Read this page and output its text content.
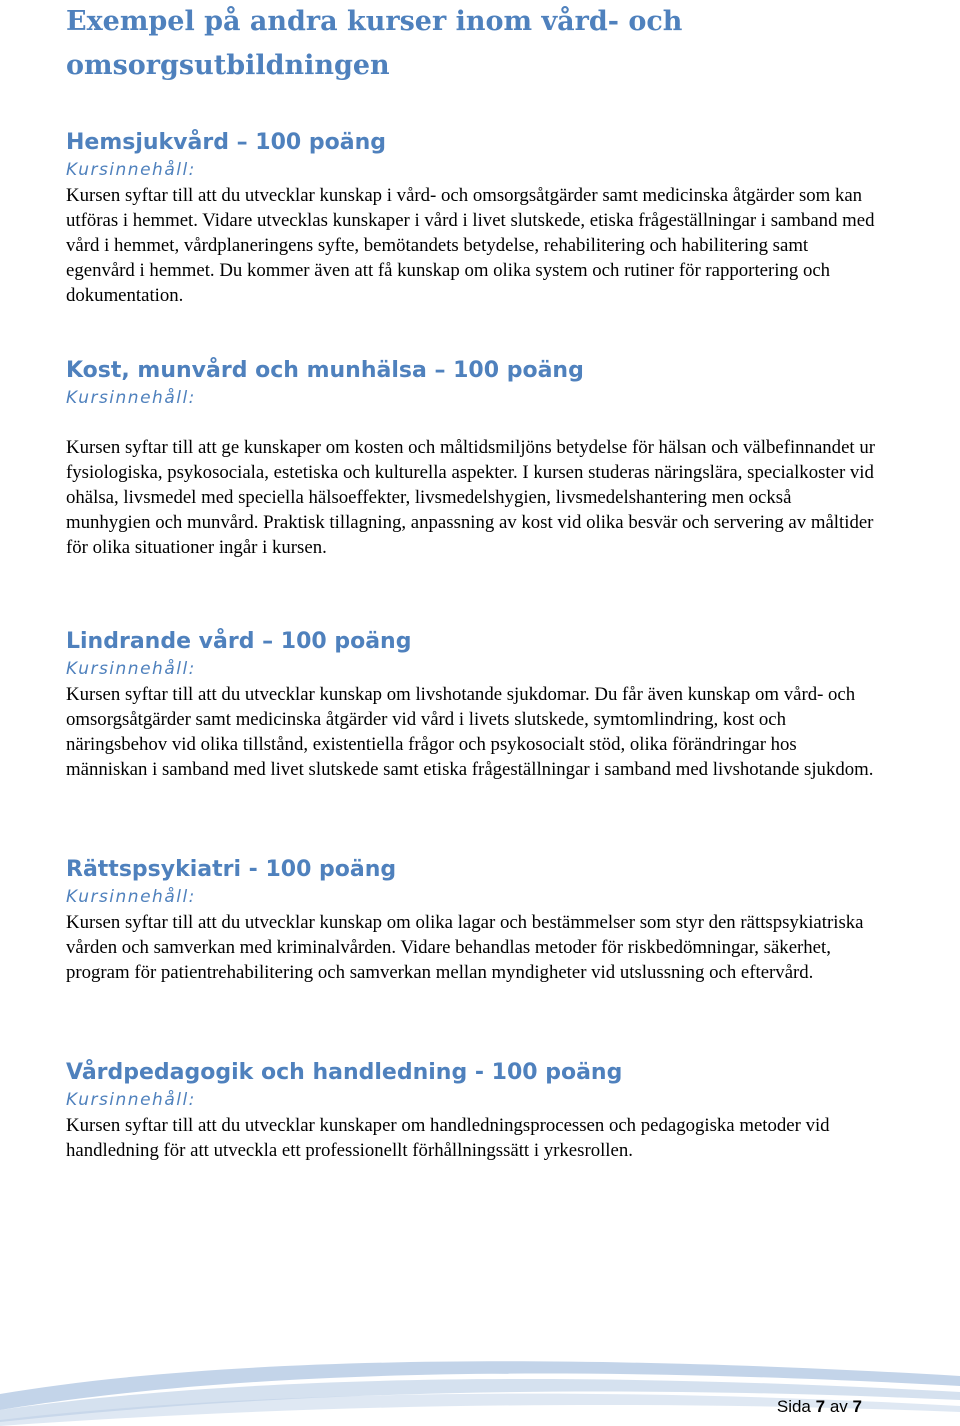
Exempel på andra kurser inom vård- och omsorgsutbildningen
Hemsjukvård – 100 poäng

Kursinnehåll:

Kursen syftar till att du utvecklar kunskap i vård- och omsorgsåtgärder samt medicinska åtgärder som kan utföras i hemmet. Vidare utvecklas kunskaper i vård i livet slutskede, etiska frågeställningar i samband med vård i hemmet, vårdplaneringens syfte, bemötandets betydelse, rehabilitering och habilitering samt egenvård i hemmet. Du kommer även att få kunskap om olika system och rutiner för rapportering och dokumentation.

Kost, munvård och munhälsa – 100 poäng

Kursinnehåll:

Kursen syftar till att ge kunskaper om kosten och måltidsmiljöns betydelse för hälsan och välbefinnandet ur fysiologiska, psykosociala, estetiska och kulturella aspekter. I kursen studeras näringslära, specialkoster vid ohälsa, livsmedel med speciella hälsoeffekter, livsmedelshygien, livsmedelshantering men också munhygien och munvård. Praktisk tillagning, anpassning av kost vid olika besvär och servering av måltider för olika situationer ingår i kursen.

Lindrande vård – 100 poäng

Kursinnehåll:

Kursen syftar till att du utvecklar kunskap om livshotande sjukdomar. Du får även kunskap om vård- och omsorgsåtgärder samt medicinska åtgärder vid vård i livets slutskede, symtomlindring, kost och näringsbehov vid olika tillstånd, existentiella frågor och psykosocialt stöd, olika förändringar hos människan i samband med livet slutskede samt etiska frågeställningar i samband med livshotande sjukdom.

Rättspsykiatri - 100 poäng

Kursinnehåll:

Kursen syftar till att du utvecklar kunskap om olika lagar och bestämmelser som styr den rättspsykiatriska vården och samverkan med kriminalvården. Vidare behandlas metoder för riskbedömningar, säkerhet, program för patientrehabilitering och samverkan mellan myndigheter vid utslussning och eftervård.

Vårdpedagogik och handledning - 100 poäng

Kursinnehåll:

Kursen syftar till att du utvecklar kunskaper om handledningsprocessen och pedagogiska metoder vid handledning för att utveckla ett professionellt förhållningssätt i yrkesrollen.

Sida 7 av 7
